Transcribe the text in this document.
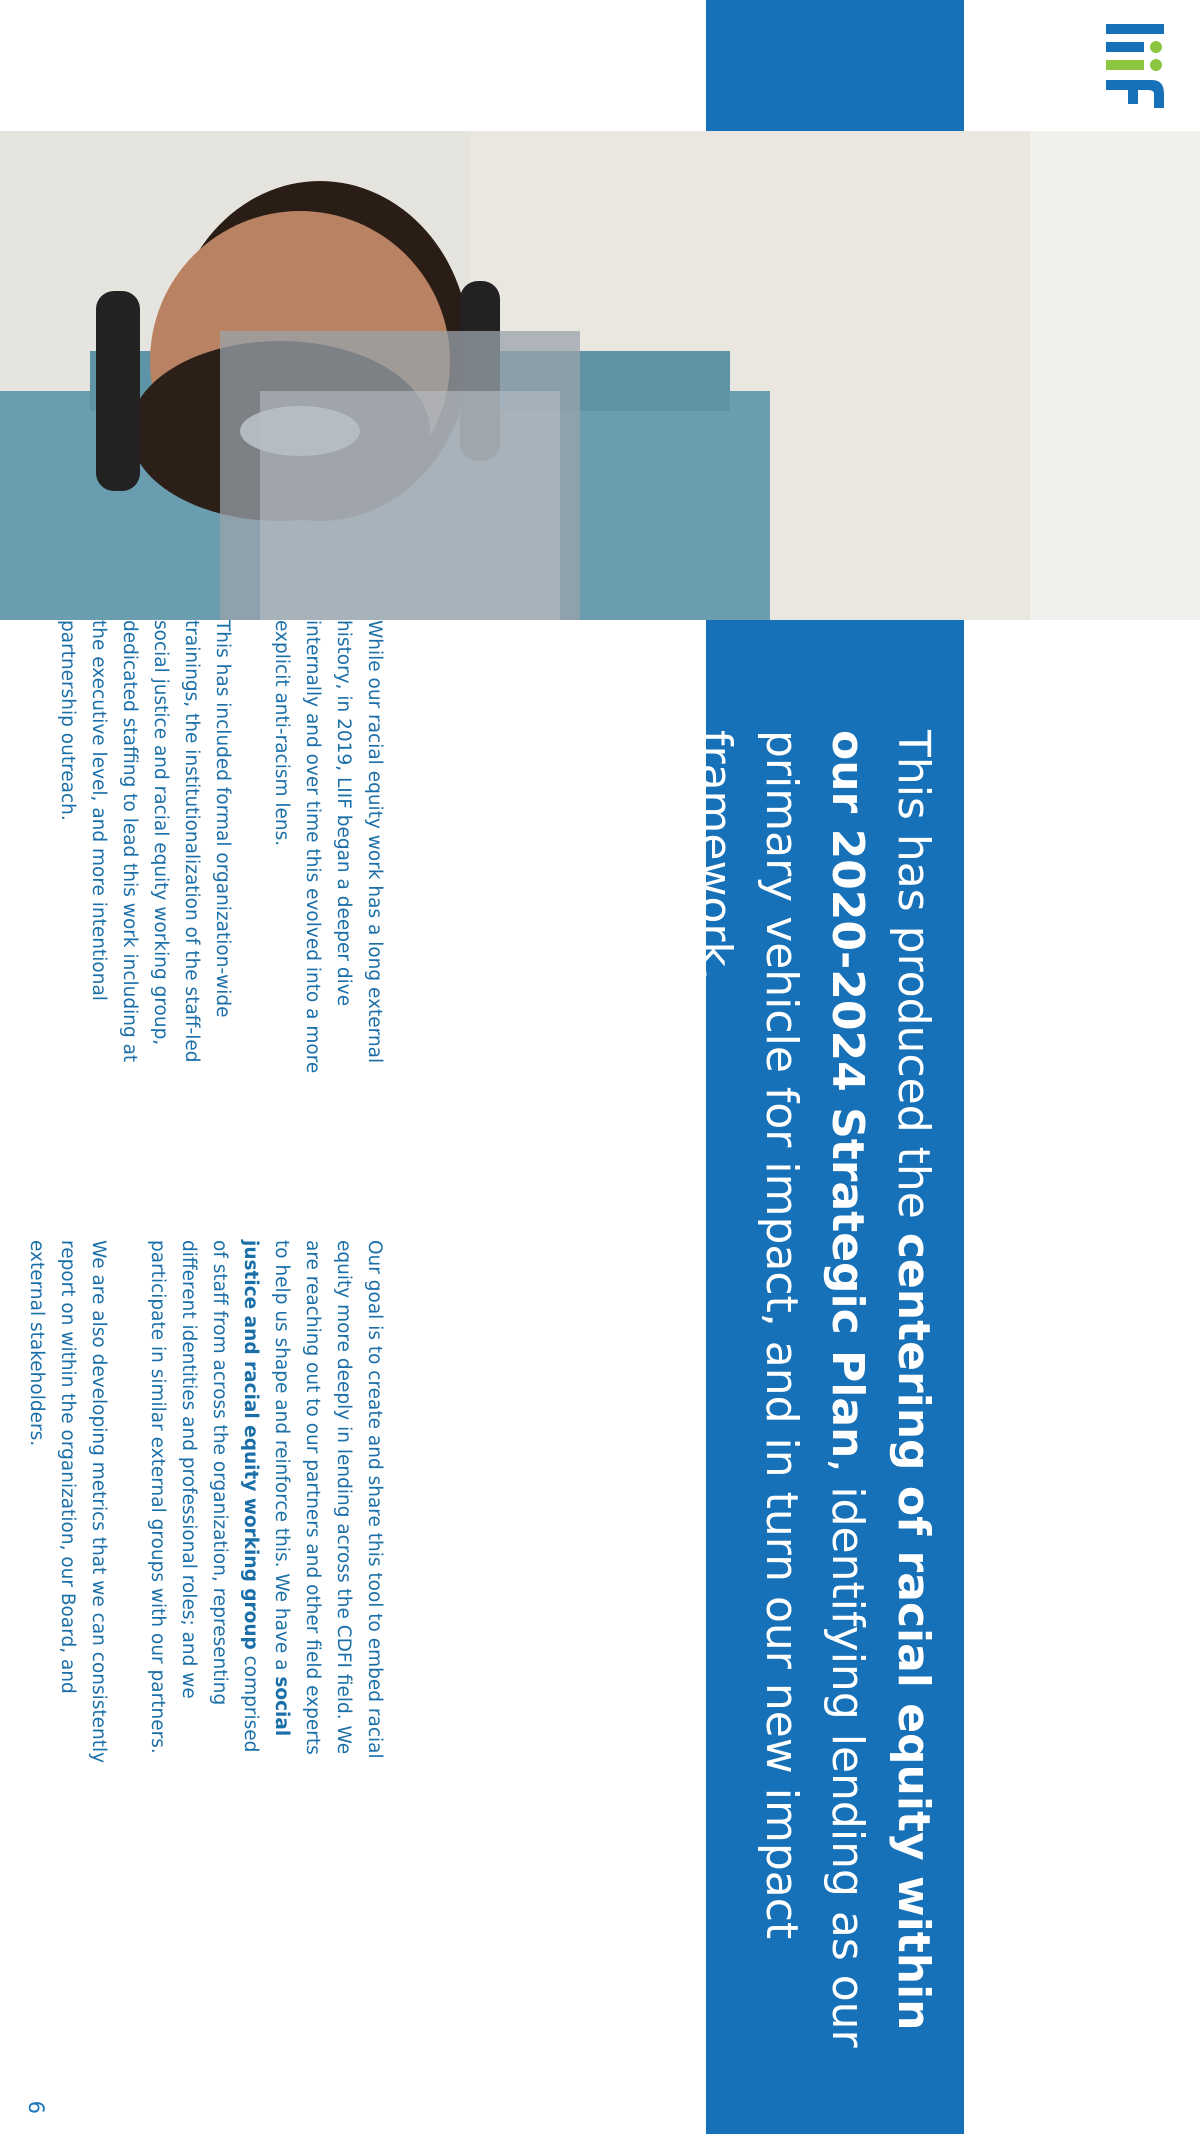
6

This has produced the centering of racial equity within our 2020-2024 Strategic Plan, identifying lending as our primary vehicle for impact, and in turn our new impact framework.

While our racial equity work has a long external history, in 2019, LIIF began a deeper dive internally and over time this evolved into a more explicit anti-racism lens.

This has included formal organization-wide trainings, the institutionalization of the staff-led social justice and racial equity working group, dedicated staffing to lead this work including at the executive level, and more intentional partnership outreach.

Our goal is to create and share this tool to embed racial equity more deeply in lending across the CDFI field. We are reaching out to our partners and other field experts to help us shape and reinforce this. We have a social justice and racial equity working group comprised of staff from across the organization, representing different identities and professional roles; and we participate in similar external groups with our partners.

We are also developing metrics that we can consistently report on within the organization, our Board, and external stakeholders.
